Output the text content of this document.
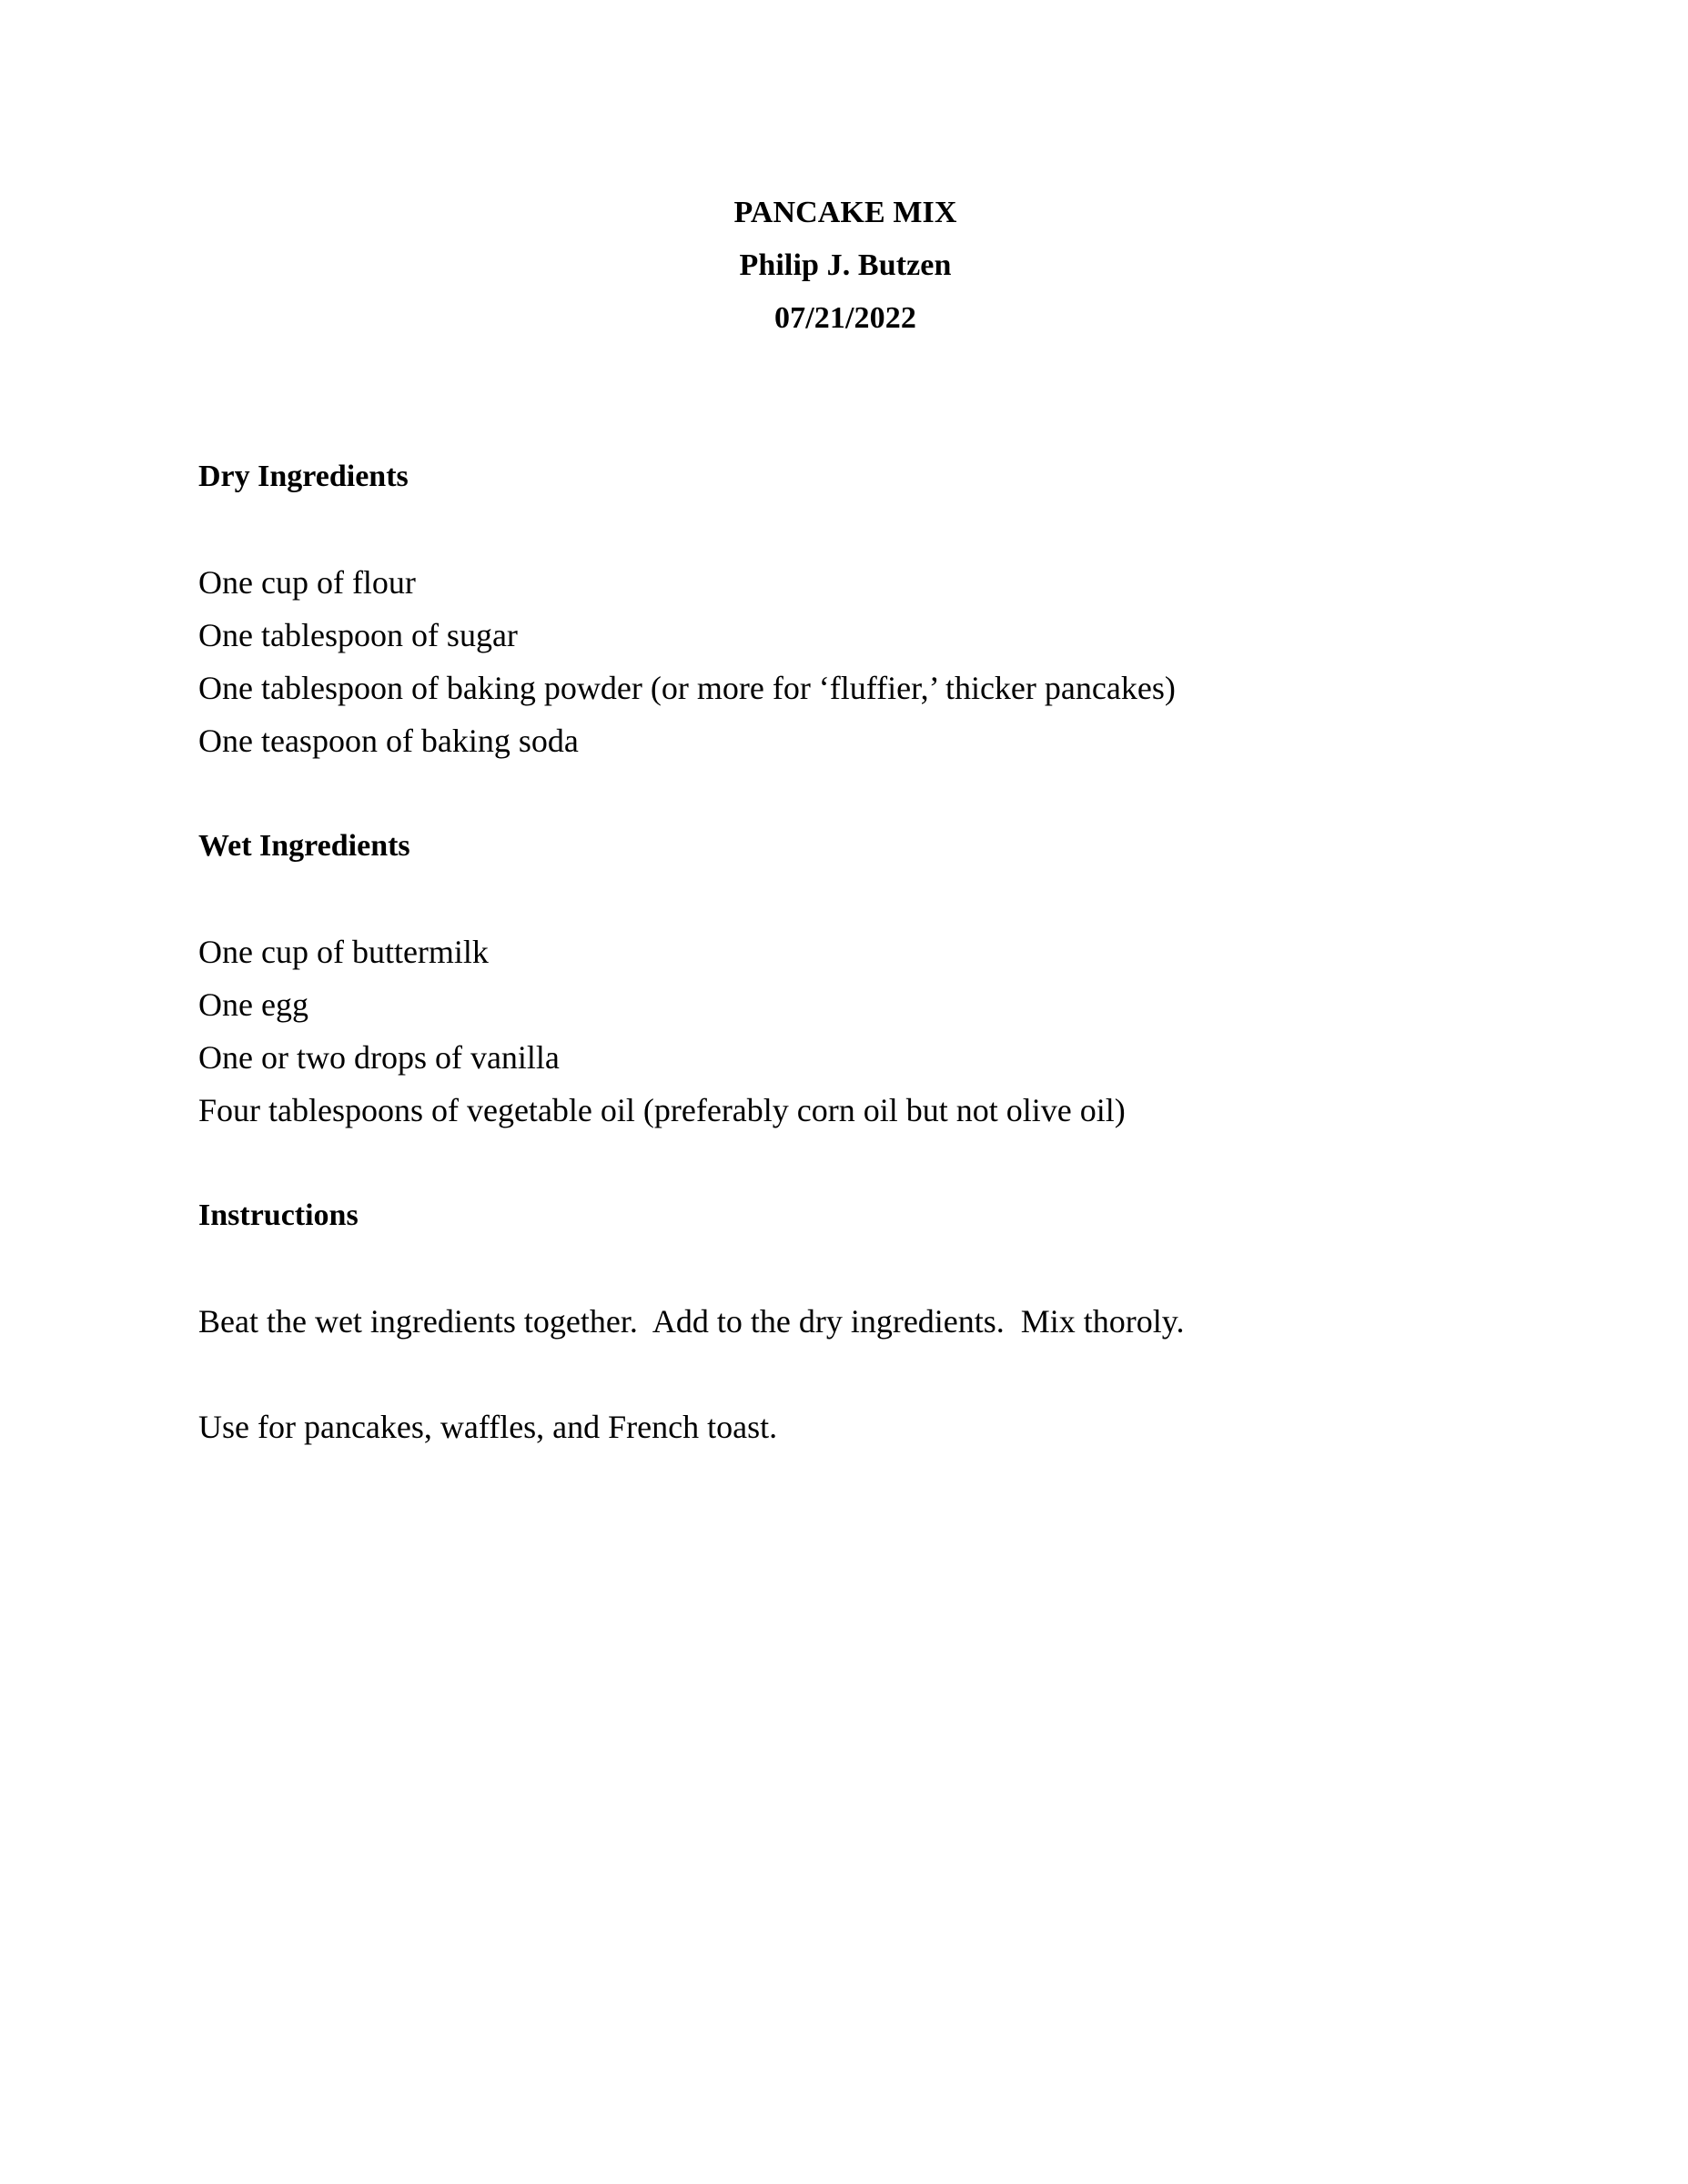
PANCAKE MIX
Philip J. Butzen
07/21/2022
Dry Ingredients
One cup of flour
One tablespoon of sugar
One tablespoon of baking powder (or more for ‘fluffier,’ thicker pancakes)
One teaspoon of baking soda
Wet Ingredients
One cup of buttermilk
One egg
One or two drops of vanilla
Four tablespoons of vegetable oil (preferably corn oil but not olive oil)
Instructions
Beat the wet ingredients together.  Add to the dry ingredients.  Mix thoroly.
Use for pancakes, waffles, and French toast.
